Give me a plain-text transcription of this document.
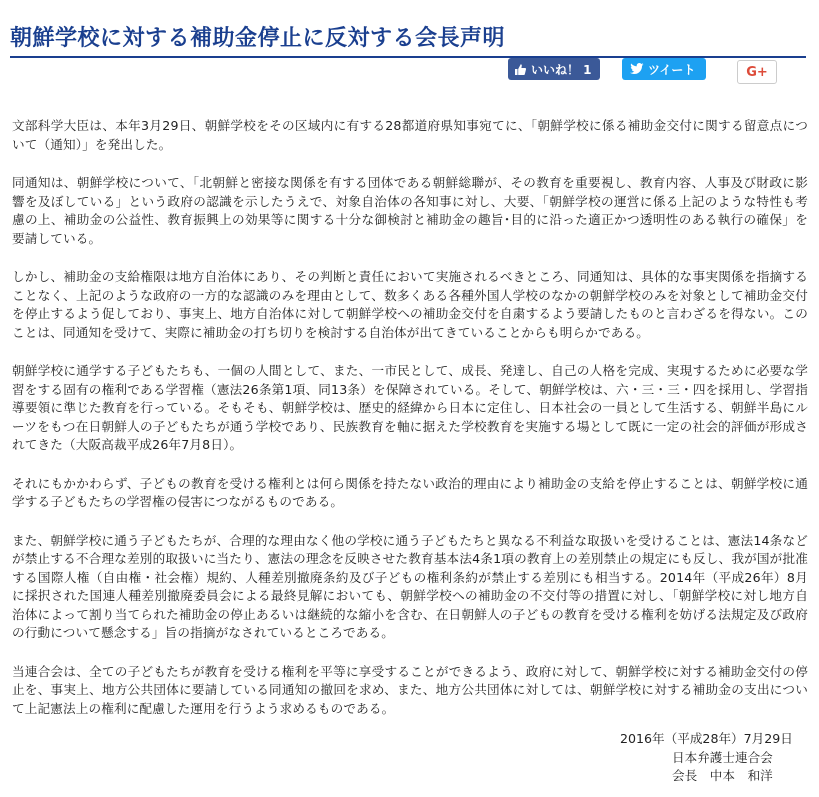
朝鮮学校に対する補助金停止に反対する会長声明
いいね！ 1	ツイート	G+

文部科学大臣は、本年3月29日、朝鮮学校をその区域内に有する28都道府県知事宛てに、「朝鮮学校に係る補助金交付に関する留意点について（通知）」を発出した。

同通知は、朝鮮学校について、「北朝鮮と密接な関係を有する団体である朝鮮総聯が、その教育を重要視し、教育内容、人事及び財政に影響を及ぼしている」という政府の認識を示したうえで、対象自治体の各知事に対し、大要、「朝鮮学校の運営に係る上記のような特性も考慮の上、補助金の公益性、教育振興上の効果等に関する十分な御検討と補助金の趣旨･目的に沿った適正かつ透明性のある執行の確保」を要請している。

しかし、補助金の支給権限は地方自治体にあり、その判断と責任において実施されるべきところ、同通知は、具体的な事実関係を指摘することなく、上記のような政府の一方的な認識のみを理由として、数多くある各種外国人学校のなかの朝鮮学校のみを対象として補助金交付を停止するよう促しており、事実上、地方自治体に対して朝鮮学校への補助金交付を自粛するよう要請したものと言わざるを得ない。このことは、同通知を受けて、実際に補助金の打ち切りを検討する自治体が出てきていることからも明らかである。

朝鮮学校に通学する子どもたちも、一個の人間として、また、一市民として、成長、発達し、自己の人格を完成、実現するために必要な学習をする固有の権利である学習権（憲法26条第1項、同13条）を保障されている。そして、朝鮮学校は、六・三・三・四を採用し、学習指導要領に準じた教育を行っている。そもそも、朝鮮学校は、歴史的経緯から日本に定住し、日本社会の一員として生活する、朝鮮半島にルーツをもつ在日朝鮮人の子どもたちが通う学校であり、民族教育を軸に据えた学校教育を実施する場として既に一定の社会的評価が形成されてきた（大阪高裁平成26年7月8日）。

それにもかかわらず、子どもの教育を受ける権利とは何ら関係を持たない政治的理由により補助金の支給を停止することは、朝鮮学校に通学する子どもたちの学習権の侵害につながるものである。

また、朝鮮学校に通う子どもたちが、合理的な理由なく他の学校に通う子どもたちと異なる不利益な取扱いを受けることは、憲法14条などが禁止する不合理な差別的取扱いに当たり、憲法の理念を反映させた教育基本法4条1項の教育上の差別禁止の規定にも反し、我が国が批准する国際人権（自由権・社会権）規約、人種差別撤廃条約及び子どもの権利条約が禁止する差別にも相当する。2014年（平成26年）8月に採択された国連人種差別撤廃委員会による最終見解においても、朝鮮学校への補助金の不交付等の措置に対し、「朝鮮学校に対し地方自治体によって割り当てられた補助金の停止あるいは継続的な縮小を含む、在日朝鮮人の子どもの教育を受ける権利を妨げる法規定及び政府の行動について懸念する」旨の指摘がなされているところである。

当連合会は、全ての子どもたちが教育を受ける権利を平等に享受することができるよう、政府に対して、朝鮮学校に対する補助金交付の停止を、事実上、地方公共団体に要請している同通知の撤回を求め、また、地方公共団体に対しては、朝鮮学校に対する補助金の支出について上記憲法上の権利に配慮した運用を行うよう求めるものである。

2016年（平成28年）7月29日
日本弁護士連合会
会長　中本　和洋
